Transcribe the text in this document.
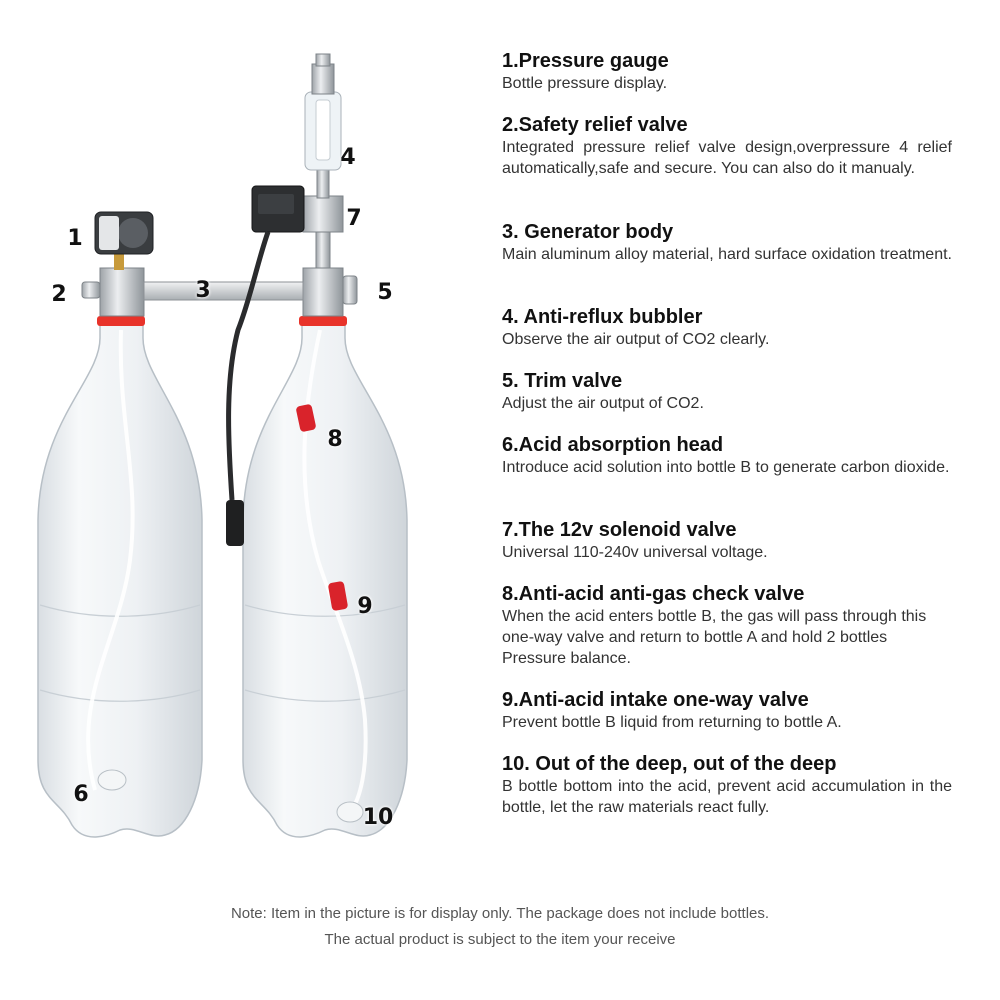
1
2	3
4
5
6
7
8
9
10
1.Pressure gauge
Bottle pressure display.
2.Safety relief valve
Integrated pressure relief valve design,overpressure 4 relief automatically,safe and secure. You can also do it manualy.
3. Generator body
Main aluminum alloy material, hard surface oxidation treatment.
4. Anti-reflux bubbler
Observe the air output of CO2 clearly.
5. Trim valve
Adjust the air output of CO2.
6.Acid absorption head
Introduce acid solution into bottle B to generate carbon dioxide.
7.The 12v solenoid valve
Universal 110-240v universal voltage.
8.Anti-acid anti-gas check valve
When the acid enters bottle B, the gas will pass through this one-way valve and return to bottle A and hold 2 bottles Pressure balance.
9.Anti-acid intake one-way valve
Prevent bottle B liquid from returning to bottle A.
10. Out of the deep, out of the deep
B bottle bottom into the acid, prevent acid accumulation in the bottle, let the raw materials react fully.
Note: Item in the picture is for display only. The package does not include bottles.
The actual product is subject to the item your receive
